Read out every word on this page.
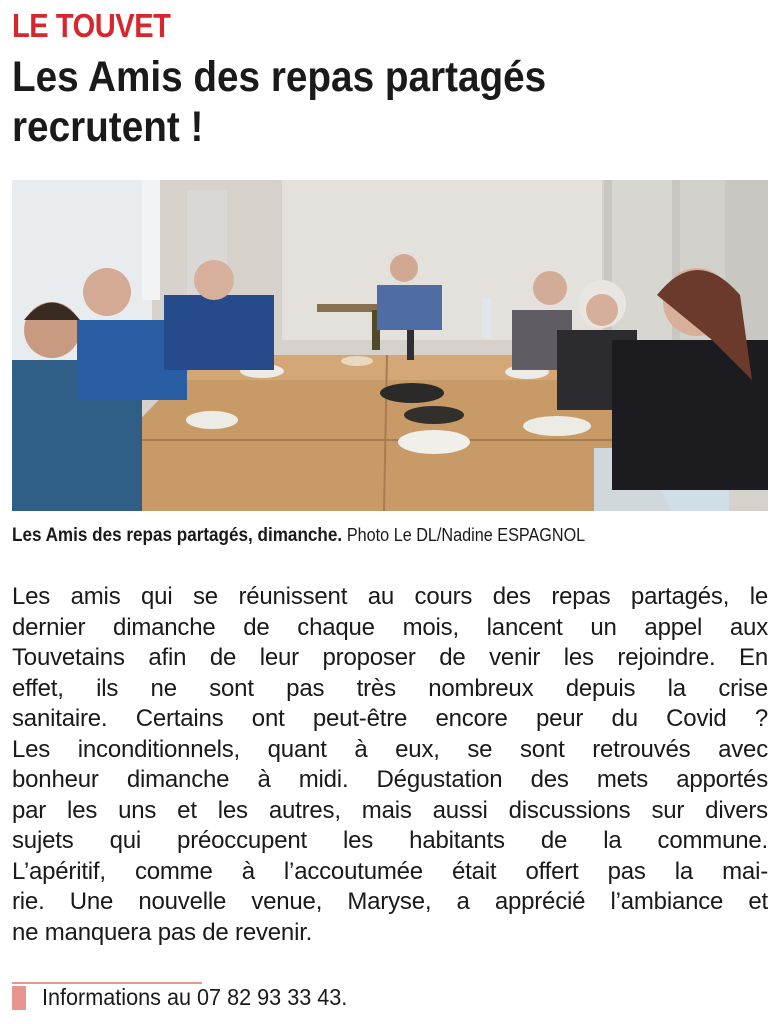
LE TOUVET
Les Amis des repas partagés
recrutent !
Les Amis des repas partagés, dimanche. Photo Le DL/Nadine ESPAGNOL
Les amis qui se réunissent au cours des repas partagés, le
dernier dimanche de chaque mois, lancent un appel aux
Touvetains afin de leur proposer de venir les rejoindre. En
effet, ils ne sont pas très nombreux depuis la crise
sanitaire. Certains ont peut-être encore peur du Covid ?
Les inconditionnels, quant à eux, se sont retrouvés avec
bonheur dimanche à midi. Dégustation des mets apportés
par les uns et les autres, mais aussi discussions sur divers
sujets qui préoccupent les habitants de la commune.
L’apéritif, comme à l’accoutumée était offert pas la mai-
rie. Une nouvelle venue, Maryse, a apprécié l’ambiance et
ne manquera pas de revenir.
Informations au 07 82 93 33 43.
